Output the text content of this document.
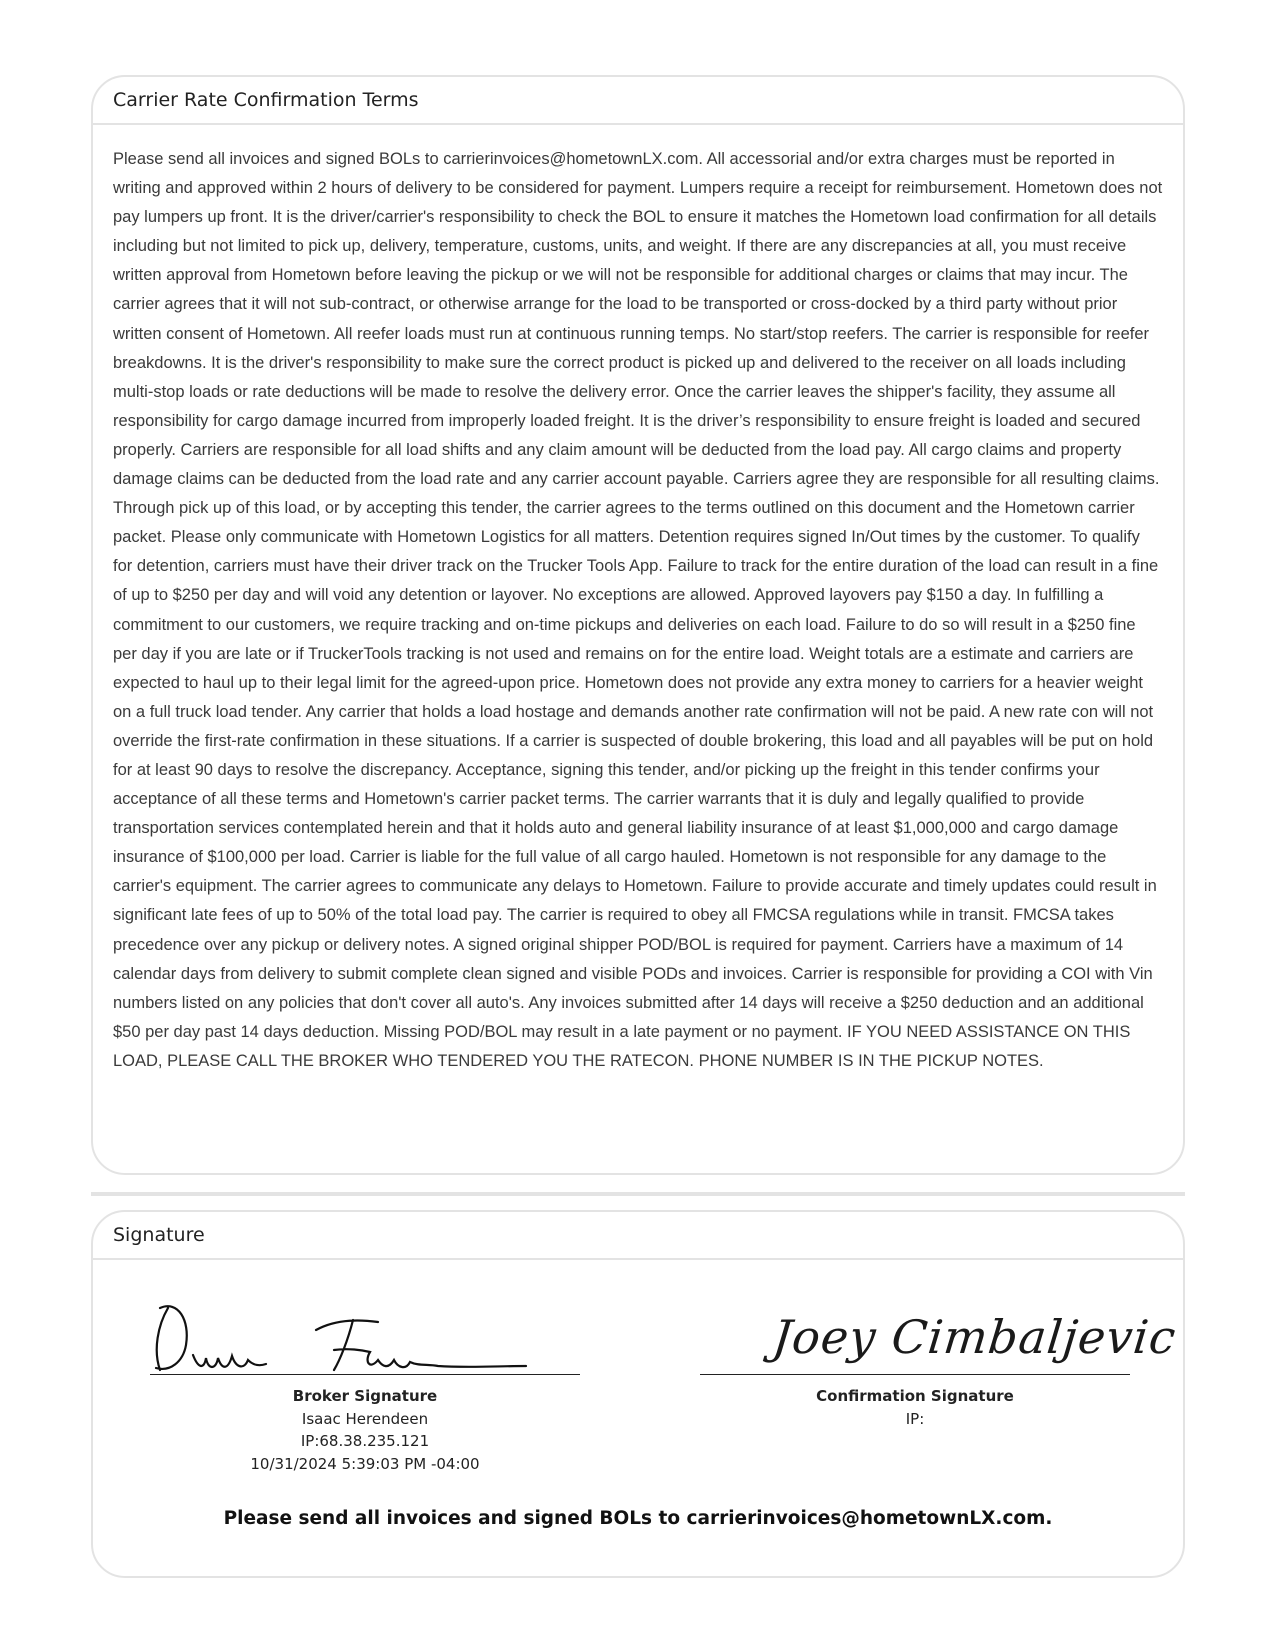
Carrier Rate Confirmation Terms
Please send all invoices and signed BOLs to carrierinvoices@hometownLX.com. All accessorial and/or extra charges must be reported in writing and approved within 2 hours of delivery to be considered for payment. Lumpers require a receipt for reimbursement. Hometown does not pay lumpers up front. It is the driver/carrier's responsibility to check the BOL to ensure it matches the Hometown load confirmation for all details including but not limited to pick up, delivery, temperature, customs, units, and weight. If there are any discrepancies at all, you must receive written approval from Hometown before leaving the pickup or we will not be responsible for additional charges or claims that may incur. The carrier agrees that it will not sub-contract, or otherwise arrange for the load to be transported or cross-docked by a third party without prior written consent of Hometown. All reefer loads must run at continuous running temps. No start/stop reefers. The carrier is responsible for reefer breakdowns. It is the driver's responsibility to make sure the correct product is picked up and delivered to the receiver on all loads including multi-stop loads or rate deductions will be made to resolve the delivery error. Once the carrier leaves the shipper's facility, they assume all responsibility for cargo damage incurred from improperly loaded freight. It is the driver’s responsibility to ensure freight is loaded and secured properly. Carriers are responsible for all load shifts and any claim amount will be deducted from the load pay. All cargo claims and property damage claims can be deducted from the load rate and any carrier account payable. Carriers agree they are responsible for all resulting claims. Through pick up of this load, or by accepting this tender, the carrier agrees to the terms outlined on this document and the Hometown carrier packet. Please only communicate with Hometown Logistics for all matters. Detention requires signed In/Out times by the customer. To qualify for detention, carriers must have their driver track on the Trucker Tools App. Failure to track for the entire duration of the load can result in a fine of up to $250 per day and will void any detention or layover. No exceptions are allowed. Approved layovers pay $150 a day. In fulfilling a commitment to our customers, we require tracking and on-time pickups and deliveries on each load. Failure to do so will result in a $250 fine per day if you are late or if TruckerTools tracking is not used and remains on for the entire load. Weight totals are a estimate and carriers are expected to haul up to their legal limit for the agreed-upon price. Hometown does not provide any extra money to carriers for a heavier weight on a full truck load tender. Any carrier that holds a load hostage and demands another rate confirmation will not be paid. A new rate con will not override the first-rate confirmation in these situations. If a carrier is suspected of double brokering, this load and all payables will be put on hold for at least 90 days to resolve the discrepancy. Acceptance, signing this tender, and/or picking up the freight in this tender confirms your acceptance of all these terms and Hometown's carrier packet terms. The carrier warrants that it is duly and legally qualified to provide transportation services contemplated herein and that it holds auto and general liability insurance of at least $1,000,000 and cargo damage insurance of $100,000 per load. Carrier is liable for the full value of all cargo hauled. Hometown is not responsible for any damage to the carrier's equipment. The carrier agrees to communicate any delays to Hometown. Failure to provide accurate and timely updates could result in significant late fees of up to 50% of the total load pay. The carrier is required to obey all FMCSA regulations while in transit. FMCSA takes precedence over any pickup or delivery notes. A signed original shipper POD/BOL is required for payment. Carriers have a maximum of 14 calendar days from delivery to submit complete clean signed and visible PODs and invoices. Carrier is responsible for providing a COI with Vin numbers listed on any policies that don't cover all auto's. Any invoices submitted after 14 days will receive a $250 deduction and an additional $50 per day past 14 days deduction. Missing POD/BOL may result in a late payment or no payment. IF YOU NEED ASSISTANCE ON THIS LOAD, PLEASE CALL THE BROKER WHO TENDERED YOU THE RATECON. PHONE NUMBER IS IN THE PICKUP NOTES.
Signature
Joey Cimbaljevic
Broker Signature
Isaac Herendeen
IP:68.38.235.121
10/31/2024 5:39:03 PM -04:00
Confirmation Signature
IP:
Please send all invoices and signed BOLs to carrierinvoices@hometownLX.com.
